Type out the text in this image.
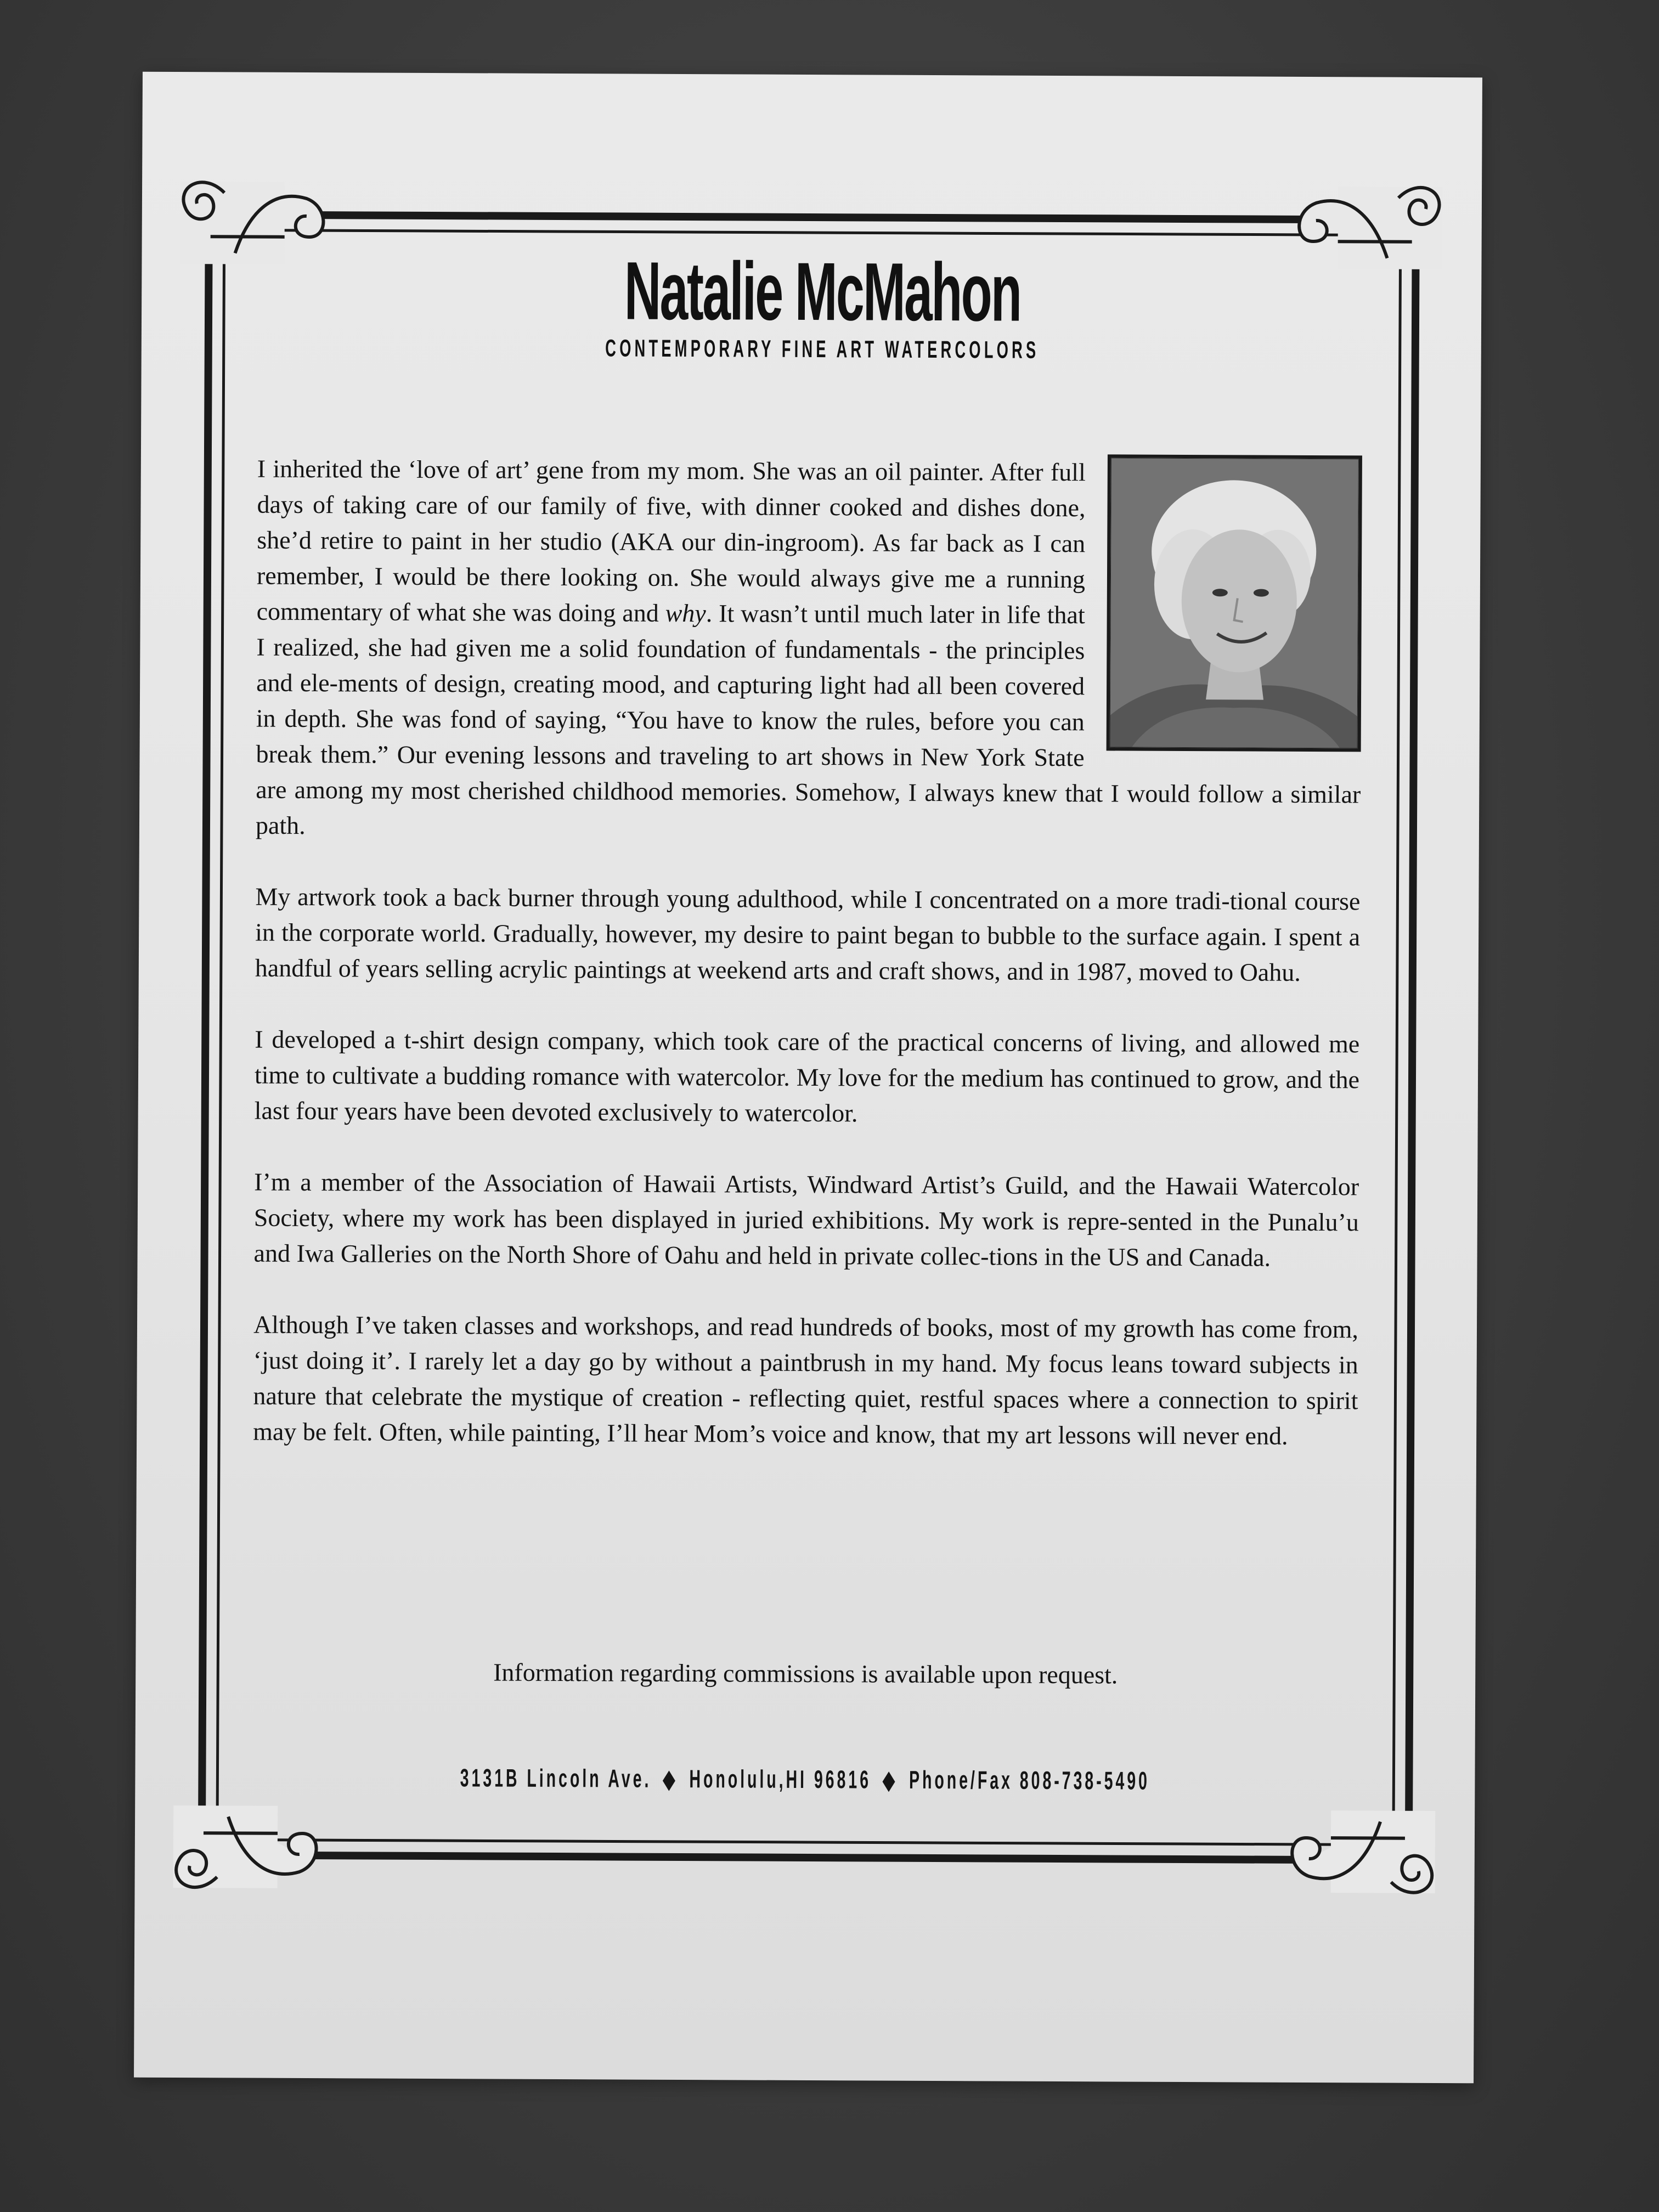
Natalie McMahon
CONTEMPORARY FINE ART WATERCOLORS

I inherited the ‘love of art’ gene from my mom. She was an oil painter. After full days of taking care of our family of five, with dinner cooked and dishes done, she’d retire to paint in her studio (AKA our din-ingroom). As far back as I can remember, I would be there looking on. She would always give me a running commentary of what she was doing and why. It wasn’t until much later in life that I realized, she had given me a solid foundation of fundamentals - the principles and ele-ments of design, creating mood, and capturing light had all been covered in depth. She was fond of saying, “You have to know the rules, before you can break them.” Our evening lessons and traveling to art shows in New York State are among my most cherished childhood memories. Somehow, I always knew that I would follow a similar path.

My artwork took a back burner through young adulthood, while I concentrated on a more tradi-tional course in the corporate world. Gradually, however, my desire to paint began to bubble to the surface again. I spent a handful of years selling acrylic paintings at weekend arts and craft shows, and in 1987, moved to Oahu.

I developed a t-shirt design company, which took care of the practical concerns of living, and allowed me time to cultivate a budding romance with watercolor. My love for the medium has continued to grow, and the last four years have been devoted exclusively to watercolor.

I’m a member of the Association of Hawaii Artists, Windward Artist’s Guild, and the Hawaii Watercolor Society, where my work has been displayed in juried exhibitions. My work is repre-sented in the Punalu’u and Iwa Galleries on the North Shore of Oahu and held in private collec-tions in the US and Canada.

Although I’ve taken classes and workshops, and read hundreds of books, most of my growth has come from, ‘just doing it’. I rarely let a day go by without a paintbrush in my hand. My focus leans toward subjects in nature that celebrate the mystique of creation - reflecting quiet, restful spaces where a connection to spirit may be felt. Often, while painting, I’ll hear Mom’s voice and know, that my art lessons will never end.

Information regarding commissions is available upon request.
3131B Lincoln Ave. ◆ Honolulu,HI 96816 ◆ Phone/Fax 808-738-5490
